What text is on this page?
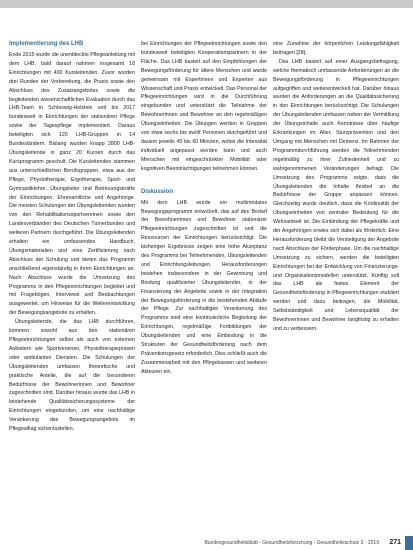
Implementierung des LHB

Ende 2015 wurde die unentdeckte Pflegeanleitung mit dem LHB, bald darauf nahmen insgesamt 18 Einrichtungen mit 400 Kursleitenden. Zuvor wurden drei Runden der Vorbereitung, die Praxis sowie den Abschluss des Zusatzangebotes sowie die begleitenden wissenschaftlichen Evaluation durch das LHB-Team in Schleswig-Holstein und bis 2017 bundesweit in Einrichtungen der stationären Pflege sowie der Tagespflege implementiert. Daraus beteiligten sich 120 LHB-Gruppen in 14 Bundesländern. Bislang wurden knapp 2800 LHB-Übungsleitende in ganz 20 Kursen durch das Kursprogramm geschult. Die Kursleitenden stammen aus unterschiedlichen Berufsgruppen, etwa aus der Pflege, Physiotherapie, Ergotherapie, Sport- und Gymnastiklehre, Übungsleiter und Betreuungskräfte der Einrichtungen, Ehrenamtliche und Angehörige. Die meisten Schulungen der Übungsleitenden wurden von den Rehabilitationssportvereinen sowie den Landesverbänden des Deutschen Turnerbundes und weiteren Partnern durchgeführt. Die Übungsleitenden erhalten ein umfassendes Handbuch, Übungsmaterialien und eine Zertifizierung nach Abschluss der Schulung und bieten das Programm anschließend eigenständig in ihren Einrichtungen an. Nach Abschluss wurde die Umsetzung des Programms in den Pflegeeinrichtungen begleitet und mit Fragebögen, Interviews und Beobachtungen ausgewertet, um Hinweise für die Weiterentwicklung der Bewegungsangebote zu erhalten.

Übungsleitende, die das LHB durchführen, kommen sowohl aus den stationären Pflegeeinrichtungen selbst als auch von externen Anbietern wie Sportvereinen, Physiotherapiepraxen oder ambulanten Diensten. Die Schulungen der Übungsleitenden umfassen theoretische und praktische Anteile, die auf die besonderen Bedürfnisse der Bewohnerinnen und Bewohner zugeschnitten sind. Darüber hinaus wurde das LHB in bestehende Qualitätssicherungssysteme der Einrichtungen eingebunden, um eine nachhaltige Verankerung des Bewegungsangebots im Pflegealltag sicherzustellen.

bei Einrichtungen der Pflegeeinrichtungen sowie den bundesweit beteiligten Kooperationspartnern in der Fläche. Das LHB basiert auf den Empfehlungen der Bewegungsförderung für ältere Menschen und wurde gemeinsam mit Expertinnen und Experten aus Wissenschaft und Praxis entwickelt. Das Personal der Pflegeeinrichtungen wird in die Durchführung eingebunden und unterstützt die Teilnahme der Bewohnerinnen und Bewohner an den regelmäßigen Übungseinheiten. Die Übungen werden in Gruppen von etwa sechs bis zwölf Personen durchgeführt und dauern jeweils 45 bis 60 Minuten, wobei die Intensität individuell angepasst werden kann und auch Menschen mit eingeschränkter Mobilität oder kognitiven Beeinträchtigungen teilnehmen können.

Diskussion

Mit dem LHB wurde ein multimodales Bewegungsprogramm entwickelt, das auf den Bedarf der Bewohnerinnen und Bewohner stationärer Pflegeeinrichtungen zugeschnitten ist und die Ressourcen der Einrichtungen berücksichtigt. Die bisherigen Ergebnisse zeigen eine hohe Akzeptanz des Programms bei Teilnehmenden, Übungsleitenden und Einrichtungsleitungen. Herausforderungen bestehen insbesondere in der Gewinnung und Bindung qualifizierter Übungsleitender, in der Finanzierung der Angebote sowie in der Integration der Bewegungsförderung in die bestehenden Abläufe der Pflege. Zur nachhaltigen Verankerung des Programms sind eine kontinuierliche Begleitung der Einrichtungen, regelmäßige Fortbildungen der Übungsleitenden und eine Einbindung in die Strukturen der Gesundheitsförderung nach dem Präventionsgesetz erforderlich. Dies schließt auch die Zusammenarbeit mit den Pflegekassen und weiteren Akteuren ein.

eine Zunahme der körperlichen Leistungsfähigkeit beitragen [28].

Das LHB basiert auf einer Ausgangsbefragung, welche thematisch umfassende Anforderungen an die Bewegungsförderung in Pflegeeinrichtungen aufgegriffen und weiterentwickelt hat. Darüber hinaus wurden die Anforderungen an die Qualitätssicherung in den Einrichtungen berücksichtigt. Die Schulungen der Übungsleitenden umfassen neben der Vermittlung der Übungsinhalte auch Kenntnisse über häufige Erkrankungen im Alter, Sturzprävention und den Umgang mit Menschen mit Demenz. Im Rahmen der Programmdurchführung werden die Teilnehmenden regelmäßig zu ihrer Zufriedenheit und zu wahrgenommenen Veränderungen befragt. Die Umsetzung des Programms zeigte, dass die Übungsleitenden die Inhalte flexibel an die Bedürfnisse der Gruppe anpassen können. Gleichzeitig wurde deutlich, dass die Kontinuität der Übungseinheiten von zentraler Bedeutung für die Wirksamkeit ist. Die Einbindung der Pflegekräfte und der Angehörigen erwies sich dabei als förderlich. Eine Herausforderung bleibt die Verstetigung der Angebote nach Abschluss der Förderphase. Um die nachhaltige Umsetzung zu sichern, werden die beteiligten Einrichtungen bei der Entwicklung von Finanzierungs- und Organisationsmodellen unterstützt. Künftig soll das LHB als festes Element der Gesundheitsförderung in Pflegeeinrichtungen etabliert werden und dazu beitragen, die Mobilität, Selbstständigkeit und Lebensqualität der Bewohnerinnen und Bewohner langfristig zu erhalten und zu verbessern.

Bundesgesundheitsblatt - Gesundheitsforschung - Gesundheitsschutz 3 · 2019 271
